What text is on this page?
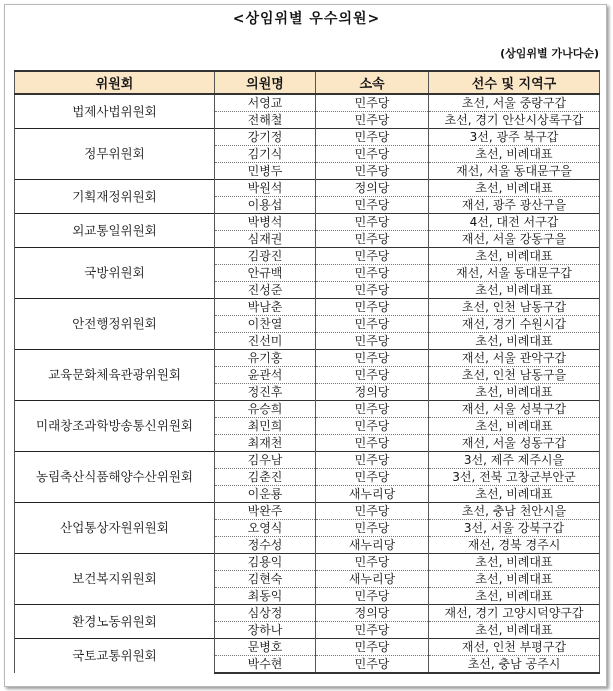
<상임위별 우수의원>
(상임위별 가나다순)
위원회	의원명	소속	선수 및 지역구
법제사법위원회	서영교	민주당	초선, 서울 중랑구갑
	전해철	민주당	초선, 경기 안산시상록구갑
정무위원회	강기정	민주당	3선, 광주 북구갑
	김기식	민주당	초선, 비례대표
	민병두	민주당	재선, 서울 동대문구을
기획재정위원회	박원석	정의당	초선, 비례대표
	이용섭	민주당	재선, 광주 광산구을
외교통일위원회	박병석	민주당	4선, 대전 서구갑
	심재권	민주당	재선, 서울 강동구을
국방위원회	김광진	민주당	초선, 비례대표
	안규백	민주당	재선, 서울 동대문구갑
	진성준	민주당	초선, 비례대표
안전행정위원회	박남춘	민주당	초선, 인천 남동구갑
	이찬열	민주당	재선, 경기 수원시갑
	진선미	민주당	초선, 비례대표
교육문화체육관광위원회	유기홍	민주당	재선, 서울 관악구갑
	윤관석	민주당	초선, 인천 남동구을
	정진후	정의당	초선, 비례대표
미래창조과학방송통신위원회	유승희	민주당	재선, 서울 성북구갑
	최민희	민주당	초선, 비례대표
	최재천	민주당	재선, 서울 성동구갑
농림축산식품해양수산위원회	김우남	민주당	3선, 제주 제주시을
	김춘진	민주당	3선, 전북 고창군부안군
	이운룡	새누리당	초선, 비례대표
산업통상자원위원회	박완주	민주당	초선, 충남 천안시을
	오영식	민주당	3선, 서울 강북구갑
	정수성	새누리당	재선, 경북 경주시
보건복지위원회	김용익	민주당	초선, 비례대표
	김현숙	새누리당	초선, 비례대표
	최동익	민주당	초선, 비례대표
환경노동위원회	심상정	정의당	재선, 경기 고양시덕양구갑
	장하나	민주당	초선, 비례대표
국토교통위원회	문병호	민주당	재선, 인천 부평구갑
	박수현	민주당	초선, 충남 공주시
